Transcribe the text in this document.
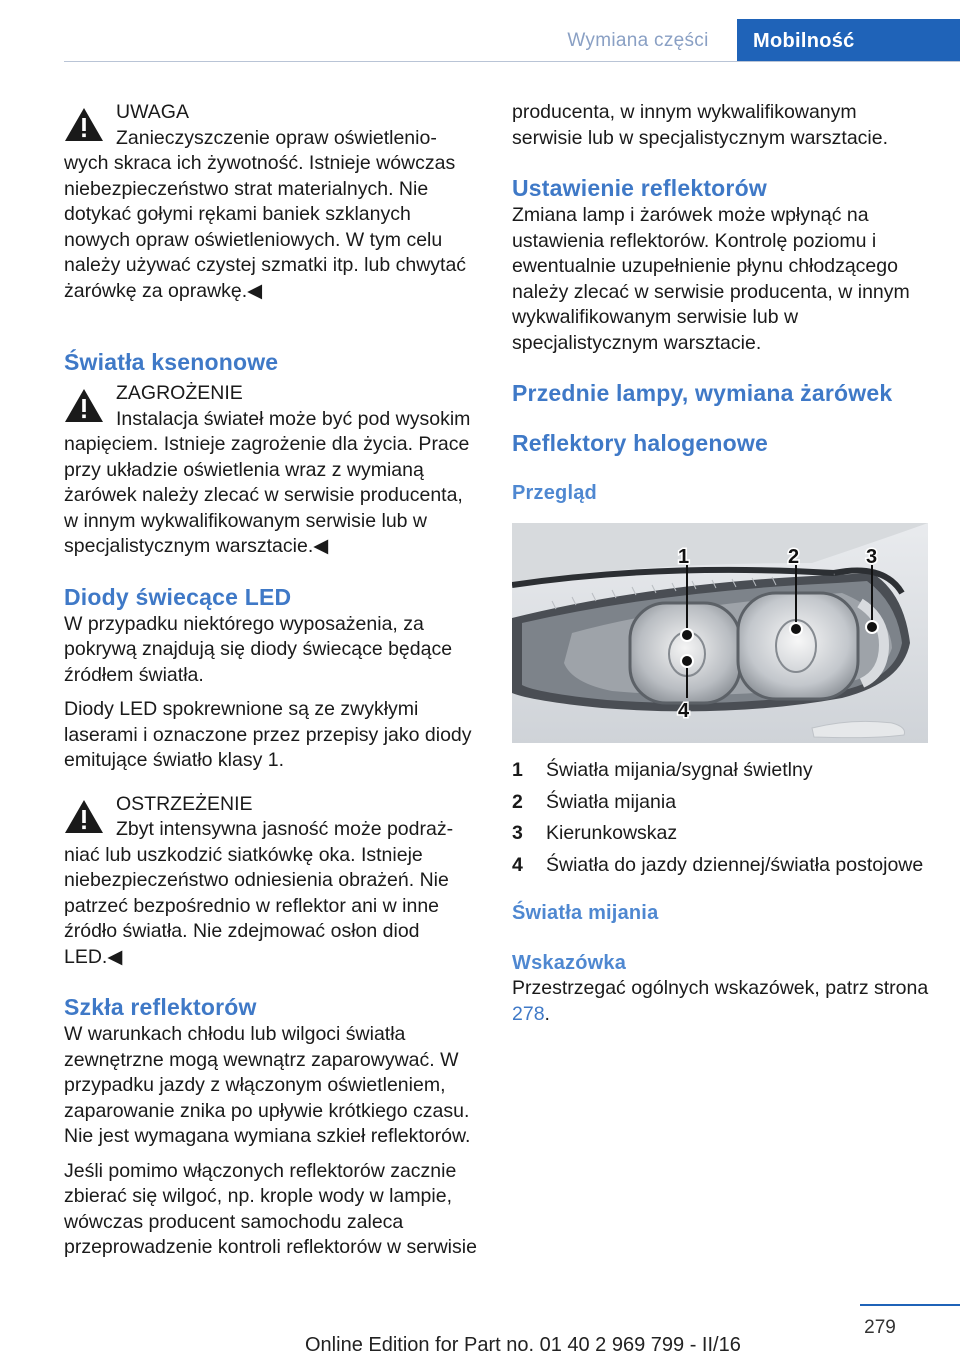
Wymiana części	Mobilność

UWAGA

Zanieczyszczenie opraw oświetlenio-

wych skraca ich żywotność. Istnieje wówczas niebezpieczeństwo strat materialnych. Nie dotykać gołymi rękami baniek szklanych nowych opraw oświetleniowych. W tym celu należy używać czystej szmatki itp. lub chwytać żarówkę za oprawkę.◀

Światła ksenonowe

ZAGROŻENIE

Instalacja świateł może być pod wysokim

napięciem. Istnieje zagrożenie dla życia. Prace przy układzie oświetlenia wraz z wymianą żarówek należy zlecać w serwisie producenta, w innym wykwalifikowanym serwisie lub w specjalistycznym warsztacie.◀

Diody świecące LED

W przypadku niektórego wyposażenia, za pokrywą znajdują się diody świecące będące źródłem światła.

Diody LED spokrewnione są ze zwykłymi laserami i oznaczone przez przepisy jako diody emitujące światło klasy 1.

OSTRZEŻENIE

Zbyt intensywna jasność może podraż-

niać lub uszkodzić siatkówkę oka. Istnieje niebezpieczeństwo odniesienia obrażeń. Nie patrzeć bezpośrednio w reflektor ani w inne źródło światła. Nie zdejmować osłon diod LED.◀

Szkła reflektorów

W warunkach chłodu lub wilgoci światła zewnętrzne mogą wewnątrz zaparowywać. W przypadku jazdy z włączonym oświetleniem, zaparowanie znika po upływie krótkiego czasu. Nie jest wymagana wymiana szkieł reflektorów.

Jeśli pomimo włączonych reflektorów zacznie zbierać się wilgoć, np. krople wody w lampie, wówczas producent samochodu zaleca przeprowadzenie kontroli reflektorów w serwisie

producenta, w innym wykwalifikowanym serwisie lub w specjalistycznym warsztacie.

Ustawienie reflektorów

Zmiana lamp i żarówek może wpłynąć na ustawienia reflektorów. Kontrolę poziomu i ewentualnie uzupełnienie płynu chłodzącego należy zlecać w serwisie producenta, w innym wykwalifikowanym serwisie lub w specjalistycznym warsztacie.

Przednie lampy, wymiana żarówek
Reflektory halogenowe
Przegląd
1	2	3
4
1	Światła mijania/sygnał świetlny
2	Światła mijania
3	Kierunkowskaz
4	Światła do jazdy dziennej/światła postojowe
Światła mijania
Wskazówka

Przestrzegać ogólnych wskazówek, patrz strona 278.

279
Online Edition for Part no. 01 40 2 969 799 - II/16
